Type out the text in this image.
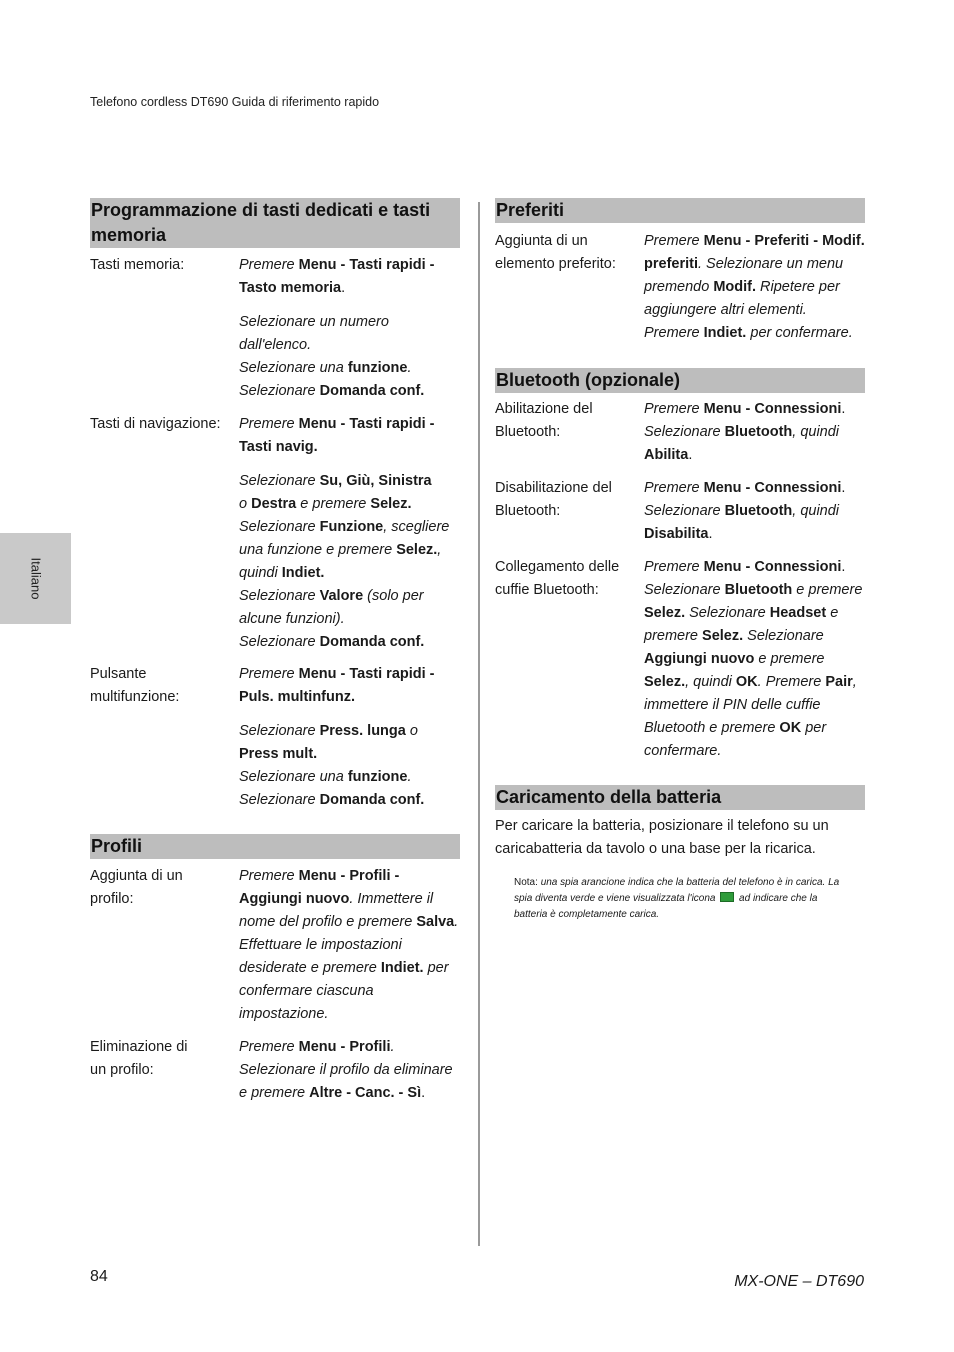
Telefono cordless DT690 Guida di riferimento rapido
Italiano
Programmazione di tasti dedicati e tasti memoria
Tasti memoria:	Premere Menu - Tasti rapidi - Tasto memoria.

Selezionare un numero dall'elenco.

Selezionare una funzione.

Selezionare Domanda conf.

Tasti di navigazione:	Premere Menu - Tasti rapidi - Tasti navig.

Selezionare Su, Giù, Sinistra

o Destra e premere Selez.

Selezionare Funzione, scegliere una funzione e premere Selez.,

quindi Indiet.

Selezionare Valore (solo per alcune funzioni).

Selezionare Domanda conf.

Pulsante multifunzione:

Premere Menu - Tasti rapidi - Puls. multinfunz.

Selezionare Press. lunga o Press mult.

Selezionare una funzione.

Selezionare Domanda conf.

Profili
Aggiunta di un profilo:

Premere Menu - Profili - Aggiungi nuovo. Immettere il nome del profilo e premere Salva. Effettuare le impostazioni desiderate e premere Indiet. per confermare ciascuna impostazione.

Eliminazione di un profilo:

Premere Menu - Profili. Selezionare il profilo da eliminare e premere Altre - Canc. - Sì.

Preferiti
Aggiunta di un elemento preferito:

Premere Menu - Preferiti - Modif. preferiti. Selezionare un menu premendo Modif. Ripetere per aggiungere altri elementi. Premere Indiet. per confermare.

Bluetooth (opzionale)
Abilitazione del Bluetooth:

Premere Menu - Connessioni. Selezionare Bluetooth, quindi Abilita.

Disabilitazione del Bluetooth:

Premere Menu - Connessioni. Selezionare Bluetooth, quindi Disabilita.

Collegamento delle cuffie Bluetooth:

Premere Menu - Connessioni. Selezionare Bluetooth e premere Selez. Selezionare Headset e premere Selez. Selezionare Aggiungi nuovo e premere Selez., quindi OK. Premere Pair, immettere il PIN delle cuffie Bluetooth e premere OK per confermare.

Caricamento della batteria
Per caricare la batteria, posizionare il telefono su un caricabatteria da tavolo o una base per la ricarica.
Nota: una spia arancione indica che la batteria del telefono è in carica. La spia diventa verde e viene visualizzata l'icona ad indicare che la batteria è completamente carica.
84	MX-ONE – DT690
